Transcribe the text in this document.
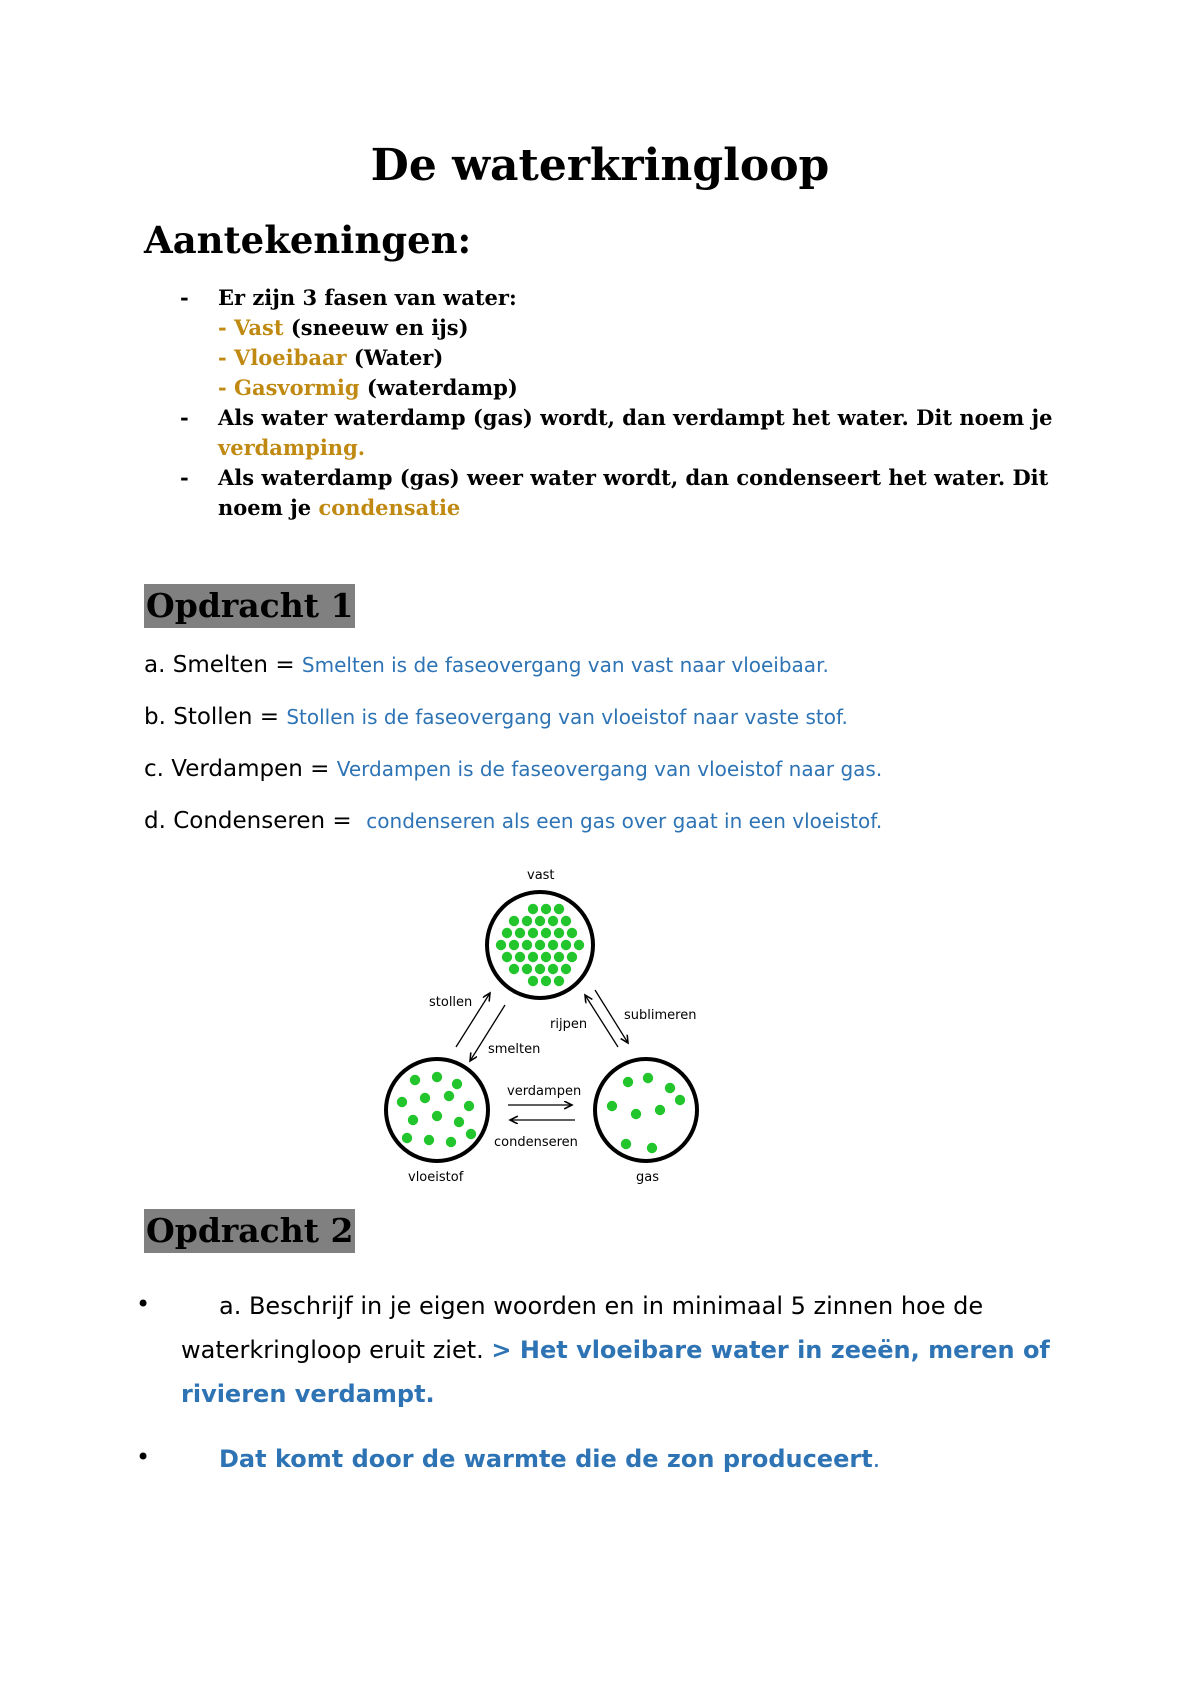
De waterkringloop
Aantekeningen:
- Er zijn 3 fasen van water:
- Vast (sneeuw en ijs)
- Vloeibaar (Water)
- Gasvormig (waterdamp)
- Als water waterdamp (gas) wordt, dan verdampt het water. Dit noem je verdamping.
- Als waterdamp (gas) weer water wordt, dan condenseert het water. Dit noem je condensatie
Opdracht 1
a. Smelten = Smelten is de faseovergang van vast naar vloeibaar.
b. Stollen = Stollen is de faseovergang van vloeistof naar vaste stof.
c. Verdampen = Verdampen is de faseovergang van vloeistof naar gas.
d. Condenseren =  condenseren als een gas over gaat in een vloeistof.
vast
vloeistof	gas
stollen
smelten
rijpen
sublimeren
verdampen
condenseren
Opdracht 2
•	a. Beschrijf in je eigen woorden en in minimaal 5 zinnen hoe de waterkringloop eruit ziet. > Het vloeibare water in zeeën, meren of rivieren verdampt.
•	Dat komt door de warmte die de zon produceert.
